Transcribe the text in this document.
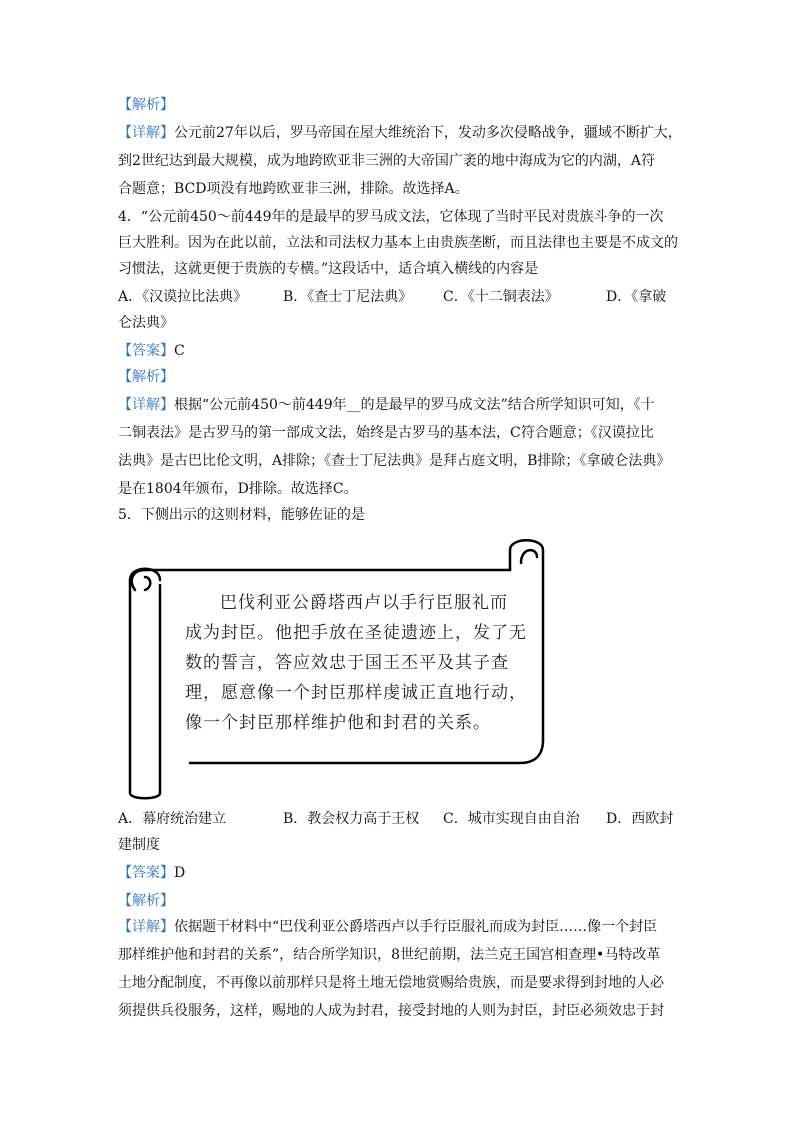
【解析】
【详解】公元前27年以后，罗马帝国在屋大维统治下，发动多次侵略战争，疆域不断扩大，
到2世纪达到最大规模，成为地跨欧亚非三洲的大帝国广袤的地中海成为它的内湖，A符
合题意；BCD项没有地跨欧亚非三洲，排除。故选择A。
4．“公元前450～前449年的是最早的罗马成文法，它体现了当时平民对贵族斗争的一次
巨大胜利。因为在此以前，立法和司法权力基本上由贵族垄断，而且法律也主要是不成文的
习惯法，这就更便于贵族的专横。”这段话中，适合填入横线的内容是
A．《汉谟拉比法典》	B．《查士丁尼法典》 C．《十二铜表法》	D．《拿破
仑法典》
【答案】C
【解析】
【详解】根据“公元前450～前449年__的是最早的罗马成文法”结合所学知识可知，《十
二铜表法》是古罗马的第一部成文法，始终是古罗马的基本法，C符合题意；《汉谟拉比
法典》是古巴比伦文明，A排除；《查士丁尼法典》是拜占庭文明，B排除；《拿破仑法典》
是在1804年颁布，D排除。故选择C。
5．下侧出示的这则材料，能够佐证的是
巴伐利亚公爵塔西卢以手行臣服礼而
成为封臣。他把手放在圣徒遗迹上，发了无
数的誓言，答应效忠于国王丕平及其子查
理，愿意像一个封臣那样虔诚正直地行动，
像一个封臣那样维护他和封君的关系。
A．幕府统治建立	B．教会权力高于王权 C．城市实现自由自治 D．西欧封
建制度
【答案】D
【解析】
【详解】依据题干材料中“巴伐利亚公爵塔西卢以手行臣服礼而成为封臣……像一个封臣
那样维护他和封君的关系”，结合所学知识，8世纪前期，法兰克王国宫相查理•马特改革
土地分配制度，不再像以前那样只是将土地无偿地赏赐给贵族，而是要求得到封地的人必
须提供兵役服务，这样，赐地的人成为封君，接受封地的人则为封臣，封臣必须效忠于封
